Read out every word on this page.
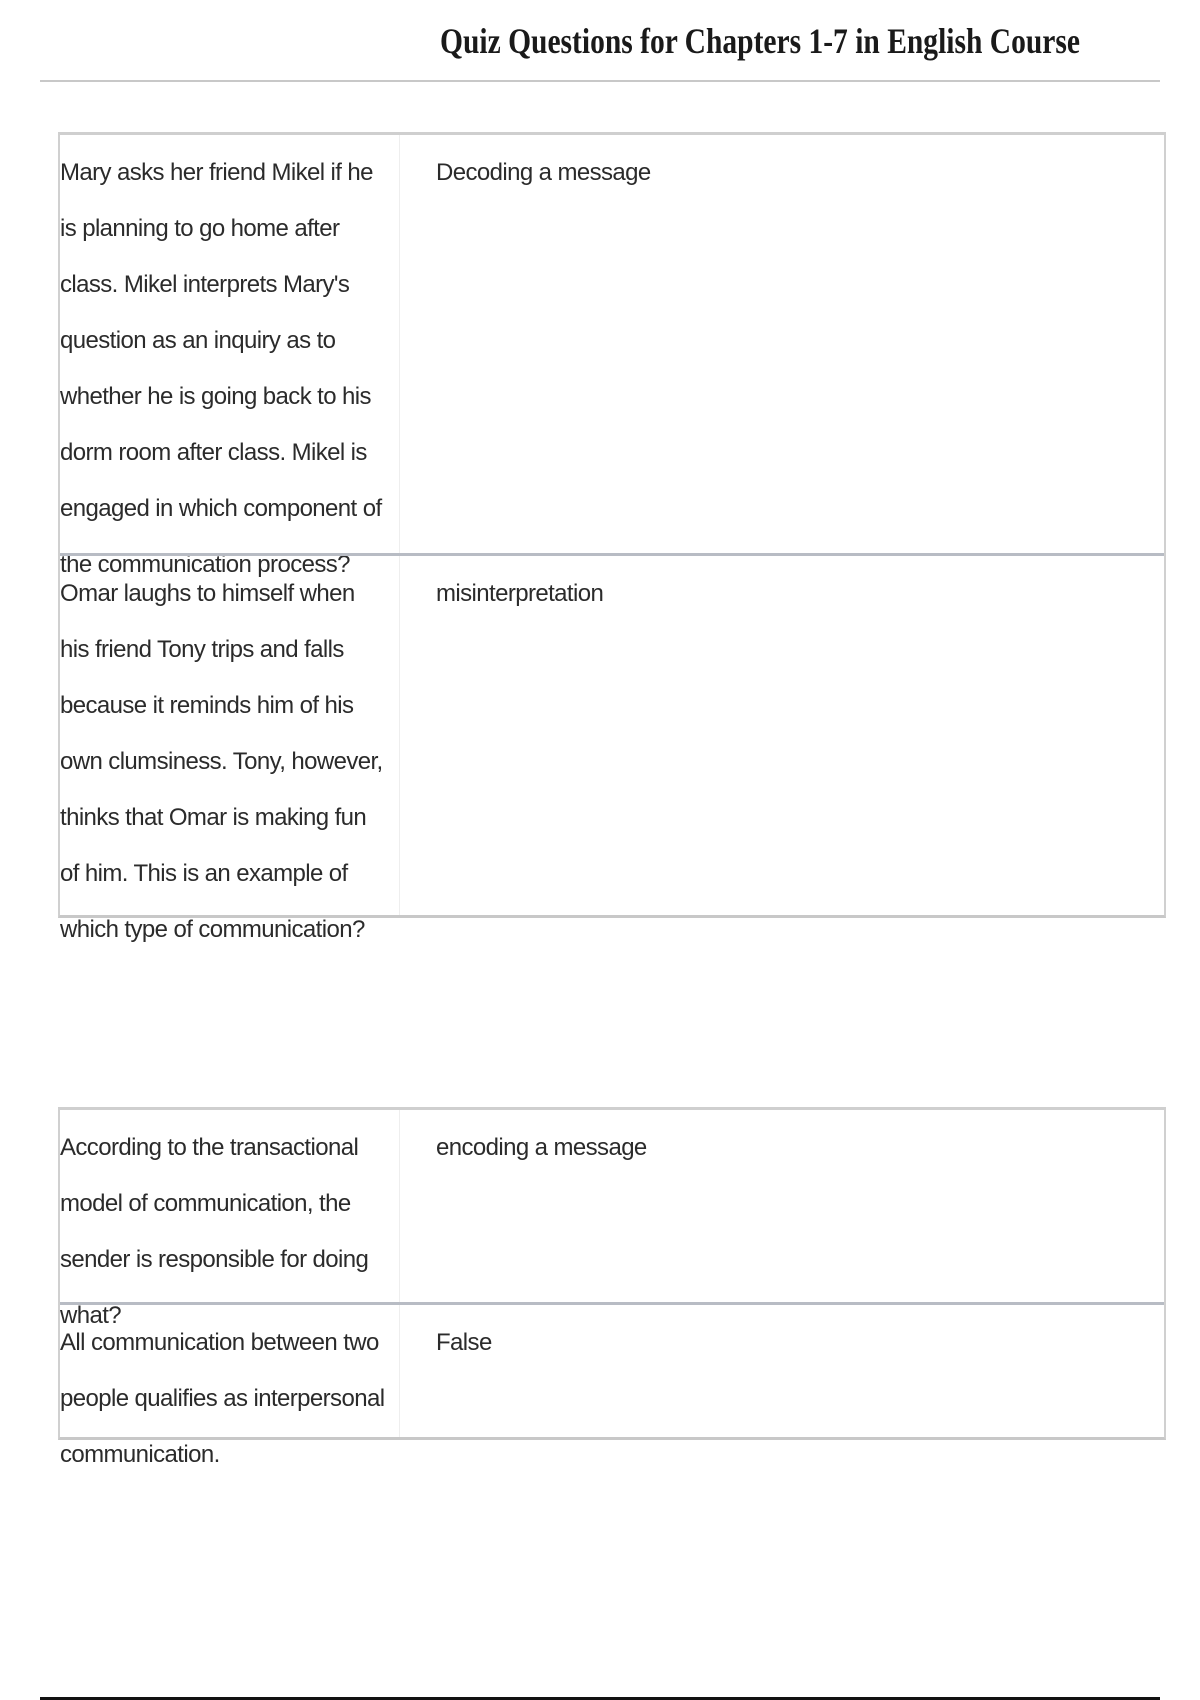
Quiz Questions for Chapters 1-7 in English Course
Mary asks her friend Mikel if he is planning to go home after class. Mikel interprets Mary's question as an inquiry as to whether he is going back to his dorm room after class. Mikel is engaged in which component of the communication process?
Decoding a message
Omar laughs to himself when his friend Tony trips and falls because it reminds him of his own clumsiness. Tony, however, thinks that Omar is making fun of him. This is an example of which type of communication?
misinterpretation
According to the transactional model of communication, the sender is responsible for doing what?
encoding a message
All communication between two people qualifies as interpersonal communication.
False
